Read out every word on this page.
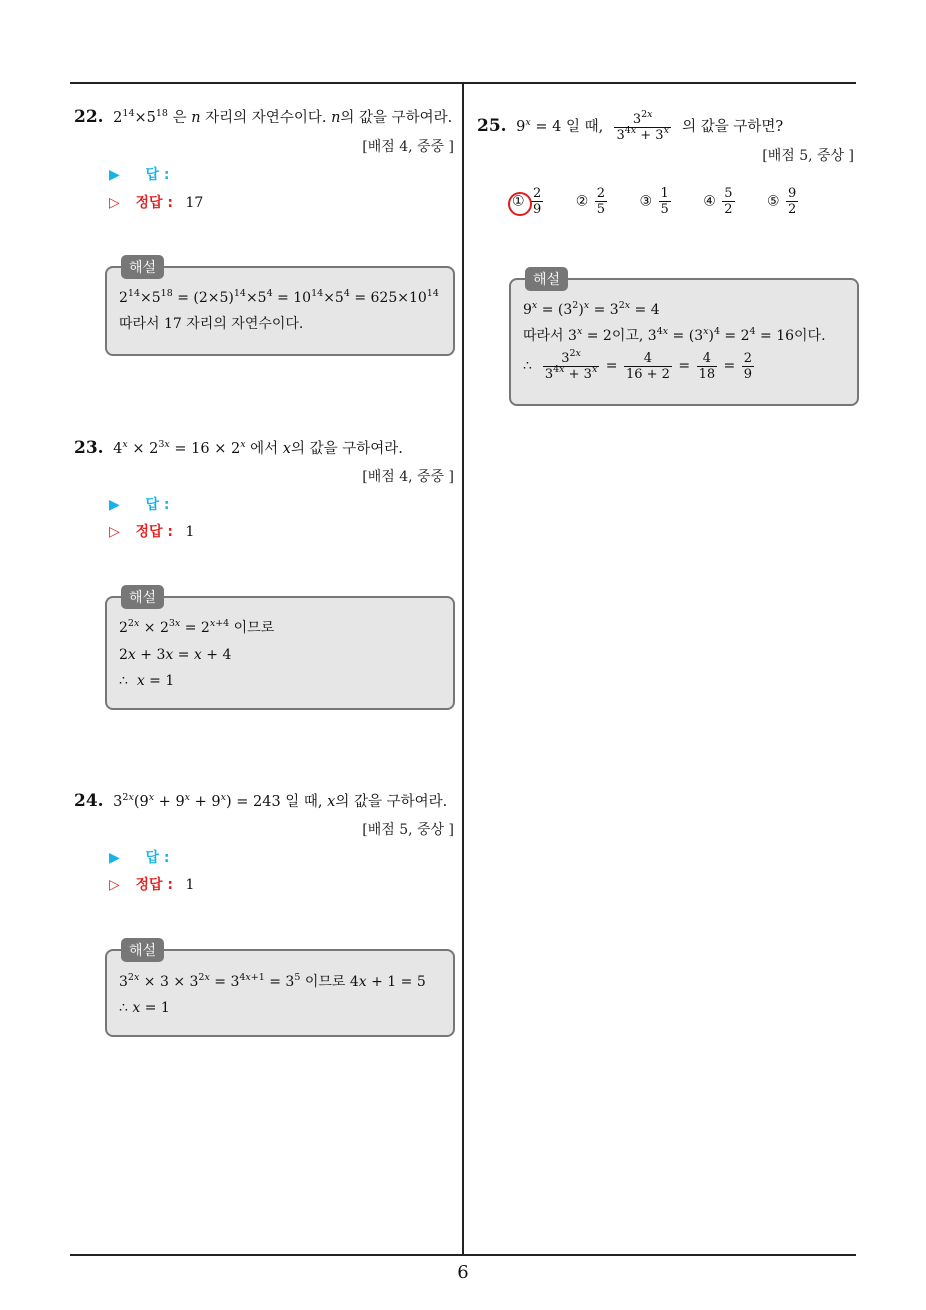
22. $2^{14}\times 5^{18}$ 은 n 자리의 자연수이다. n의 값을 구하여라.
[배점 4, 중중 ]
▶ 답 :
▷ 정답 : 17
해설
$2^{14}\times 5^{18} = (2\times 5)^{14}\times 5^4 = 10^{14}\times 5^4 = 625\times 10^{14}$
따라서 17 자리의 자연수이다.
23. $4^x \times 2^{3x} = 16 \times 2^x$ 에서 x의 값을 구하여라.
[배점 4, 중중 ]
▶ 답 :
▷ 정답 : 1
해설
$2^{2x} \times 2^{3x} = 2^{x+4}$ 이므로
2x + 3x = x + 4
∴  x = 1
24. $3^{2x}(9^x + 9^x + 9^x) = 243$ 일 때, x의 값을 구하여라.
[배점 5, 중상 ]
▶ 답 :
▷ 정답 : 1
해설
$3^{2x} \times 3 \times 3^{2x} = 3^{4x+1} = 3^5$ 이므로 4x + 1 = 5
∴ x = 1
25. $9^x = 4$ 일 때, $\frac{3^{2x}}{3^{4x} + 3^x}$ 의 값을 구하면?
[배점 5, 중상 ]
① $\frac{2}{9}$ ② $\frac{2}{5}$ ③ $\frac{1}{5}$ ④ $\frac{5}{2}$ ⑤ $\frac{9}{2}$
해설
$9^x = (3^2)^x = 3^{2x} = 4$
따라서 $3^x = 2$이고, $3^{4x} = (3^x)^4 = 2^4 = 16$이다.
∴ $\frac{3^{2x}}{3^{4x} + 3^x} = \frac{4}{16 + 2} = \frac{4}{18} = \frac{2}{9}$
6
